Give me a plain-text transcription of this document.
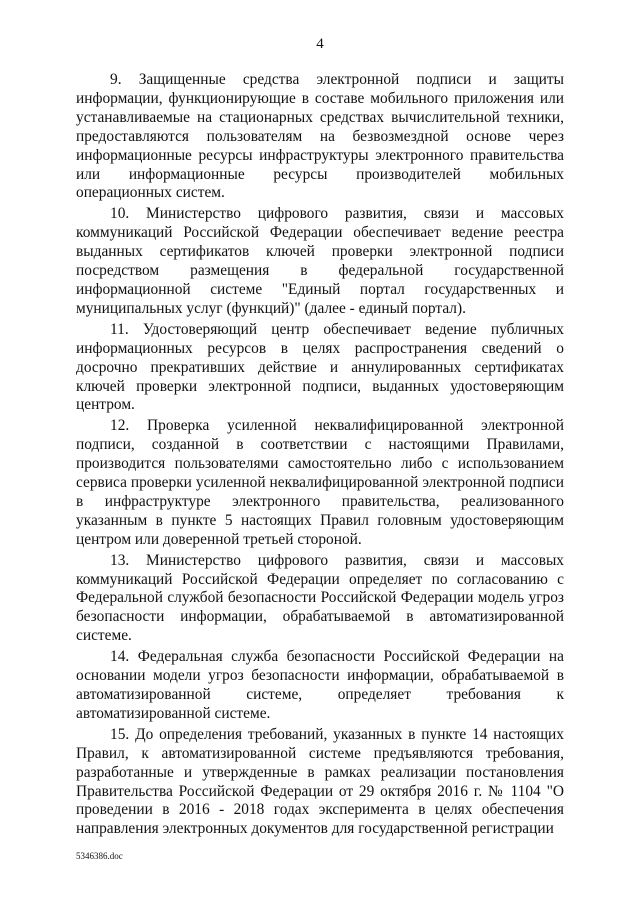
4

9. Защищенные средства электронной подписи и защиты информации, функционирующие в составе мобильного приложения или устанавливаемые на стационарных средствах вычислительной техники, предоставляются пользователям на безвозмездной основе через информационные ресурсы инфраструктуры электронного правительства или информационные ресурсы производителей мобильных операционных систем.

10. Министерство цифрового развития, связи и массовых коммуникаций Российской Федерации обеспечивает ведение реестра выданных сертификатов ключей проверки электронной подписи посредством размещения в федеральной государственной информационной системе "Единый портал государственных и муниципальных услуг (функций)" (далее - единый портал).

11. Удостоверяющий центр обеспечивает ведение публичных информационных ресурсов в целях распространения сведений о досрочно прекративших действие и аннулированных сертификатах ключей проверки электронной подписи, выданных удостоверяющим центром.

12. Проверка усиленной неквалифицированной электронной подписи, созданной в соответствии с настоящими Правилами, производится пользователями самостоятельно либо с использованием сервиса проверки усиленной неквалифицированной электронной подписи в инфраструктуре электронного правительства, реализованного указанным в пункте 5 настоящих Правил головным удостоверяющим центром или доверенной третьей стороной.

13. Министерство цифрового развития, связи и массовых коммуникаций Российской Федерации определяет по согласованию с Федеральной службой безопасности Российской Федерации модель угроз безопасности информации, обрабатываемой в автоматизированной системе.

14. Федеральная служба безопасности Российской Федерации на основании модели угроз безопасности информации, обрабатываемой в автоматизированной системе, определяет требования к автоматизированной системе.

15. До определения требований, указанных в пункте 14 настоящих Правил, к автоматизированной системе предъявляются требования, разработанные и утвержденные в рамках реализации постановления Правительства Российской Федерации от 29 октября 2016 г. № 1104 "О проведении в 2016 - 2018 годах эксперимента в целях обеспечения направления электронных документов для государственной регистрации

5346386.doc
